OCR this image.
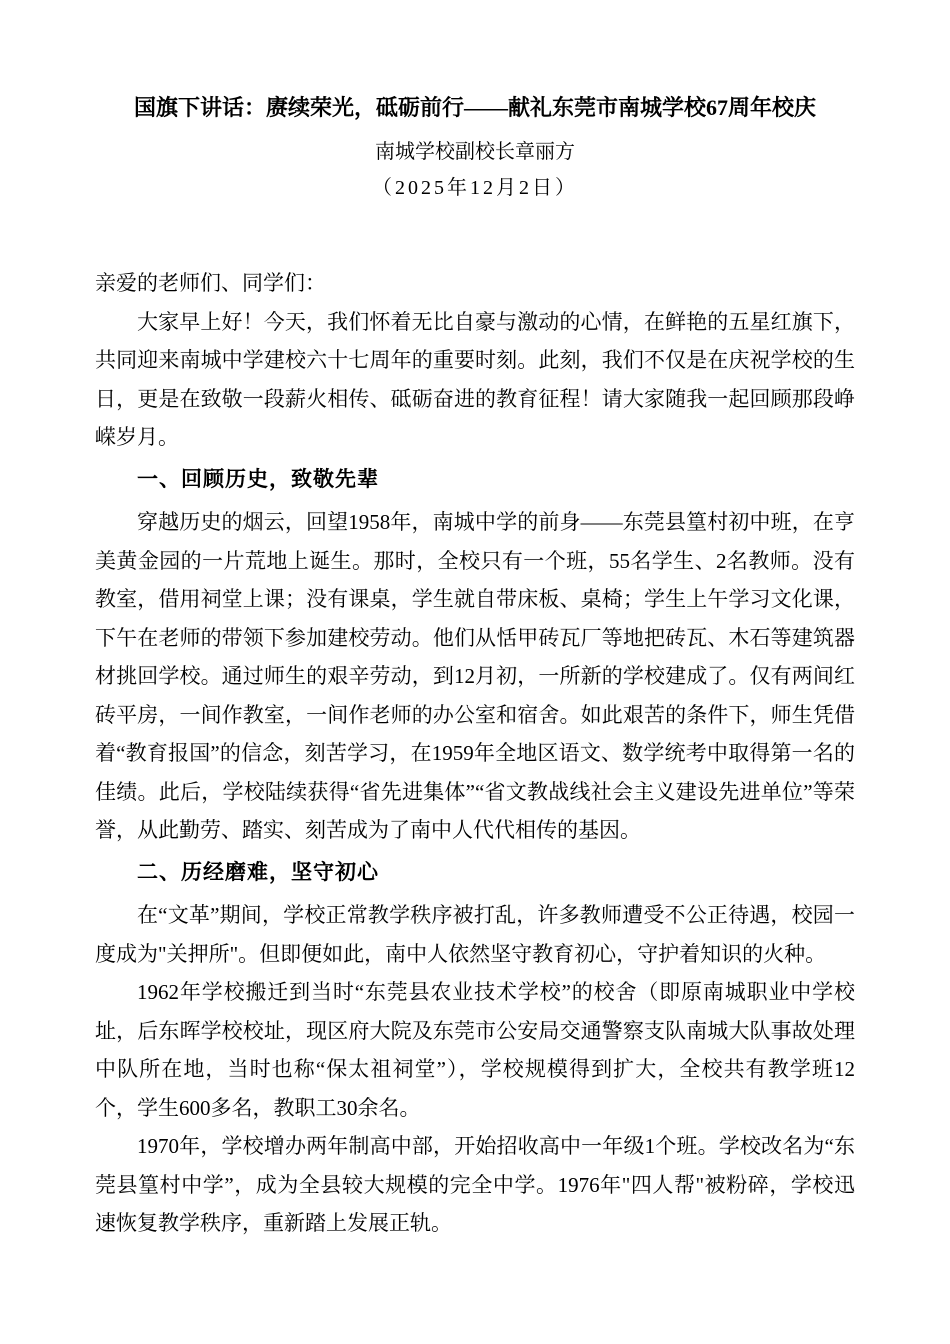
国旗下讲话：赓续荣光，砥砺前行——献礼东莞市南城学校67周年校庆
南城学校副校长章丽方
（2025年12月2日）

亲爱的老师们、同学们：

大家早上好！今天，我们怀着无比自豪与激动的心情，在鲜艳的五星红旗下，共同迎来南城中学建校六十七周年的重要时刻。此刻，我们不仅是在庆祝学校的生日，更是在致敬一段薪火相传、砥砺奋进的教育征程！请大家随我一起回顾那段峥嵘岁月。

一、回顾历史，致敬先辈

穿越历史的烟云，回望1958年，南城中学的前身——东莞县篁村初中班，在亨美黄金园的一片荒地上诞生。那时，全校只有一个班，55名学生、2名教师。没有教室，借用祠堂上课；没有课桌，学生就自带床板、桌椅；学生上午学习文化课，下午在老师的带领下参加建校劳动。他们从恬甲砖瓦厂等地把砖瓦、木石等建筑器材挑回学校。通过师生的艰辛劳动，到12月初，一所新的学校建成了。仅有两间红砖平房，一间作教室，一间作老师的办公室和宿舍。如此艰苦的条件下，师生凭借着“教育报国”的信念，刻苦学习，在1959年全地区语文、数学统考中取得第一名的佳绩。此后，学校陆续获得“省先进集体”“省文教战线社会主义建设先进单位”等荣誉，从此勤劳、踏实、刻苦成为了南中人代代相传的基因。

二、历经磨难，坚守初心

在“文革”期间，学校正常教学秩序被打乱，许多教师遭受不公正待遇，校园一度成为"关押所"。但即便如此，南中人依然坚守教育初心，守护着知识的火种。

1962年学校搬迁到当时“东莞县农业技术学校”的校舍（即原南城职业中学校址，后东晖学校校址，现区府大院及东莞市公安局交通警察支队南城大队事故处理中队所在地，当时也称“保太祖祠堂”），学校规模得到扩大，全校共有教学班12个，学生600多名，教职工30余名。

1970年，学校增办两年制高中部，开始招收高中一年级1个班。学校改名为“东莞县篁村中学”，成为全县较大规模的完全中学。1976年"四人帮"被粉碎，学校迅速恢复教学秩序，重新踏上发展正轨。
